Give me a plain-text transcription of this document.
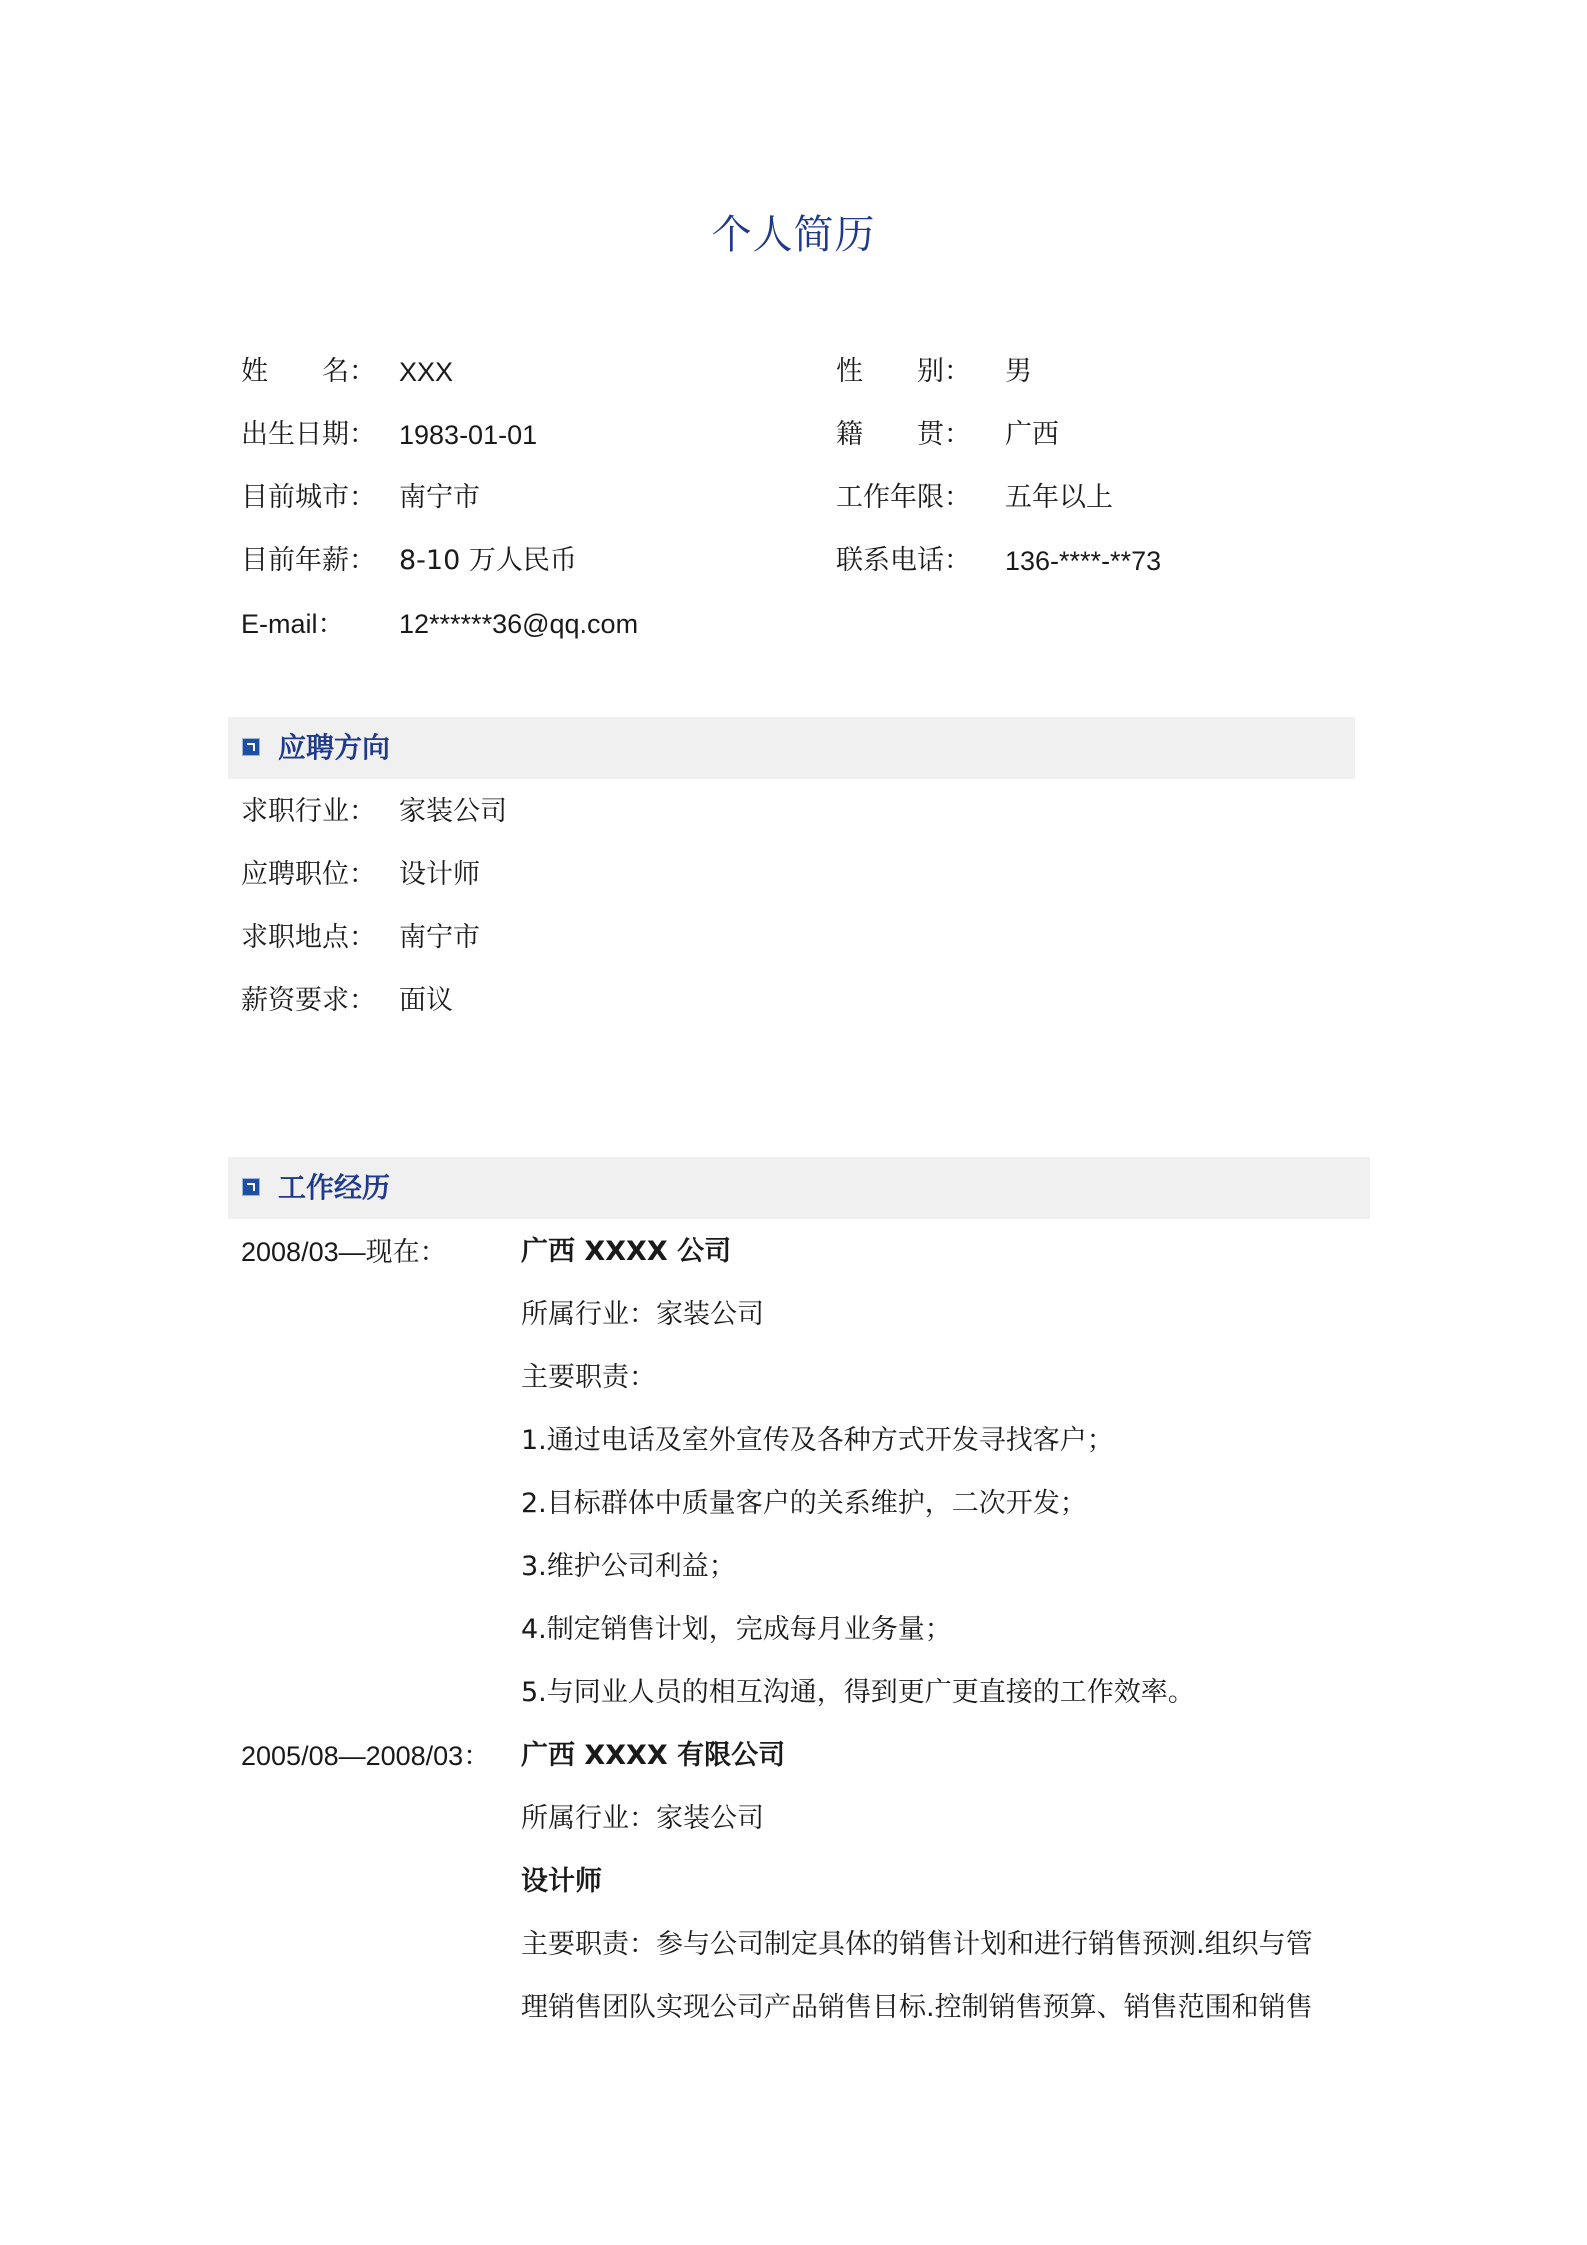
个人简历
姓　　名： XXX	性　　别： 男
出生日期： 1983-01-01	籍　　贯： 广西
目前城市： 南宁市	工作年限： 五年以上
目前年薪： 8-10 万人民币	联系电话： 136-****-**73
E-mail： 12******36@qq.com
应聘方向
求职行业： 家装公司
应聘职位： 设计师
求职地点： 南宁市
薪资要求： 面议
工作经历
2008/03—现在：	广西 XXXX 公司
所属行业：家装公司
主要职责：
1.通过电话及室外宣传及各种方式开发寻找客户；
2.目标群体中质量客户的关系维护，二次开发；
3.维护公司利益；
4.制定销售计划，完成每月业务量；
5.与同业人员的相互沟通，得到更广更直接的工作效率。
2005/08—2008/03： 广西 XXXX 有限公司
所属行业：家装公司
设计师
主要职责：参与公司制定具体的销售计划和进行销售预测.组织与管
理销售团队实现公司产品销售目标.控制销售预算、销售范围和销售
